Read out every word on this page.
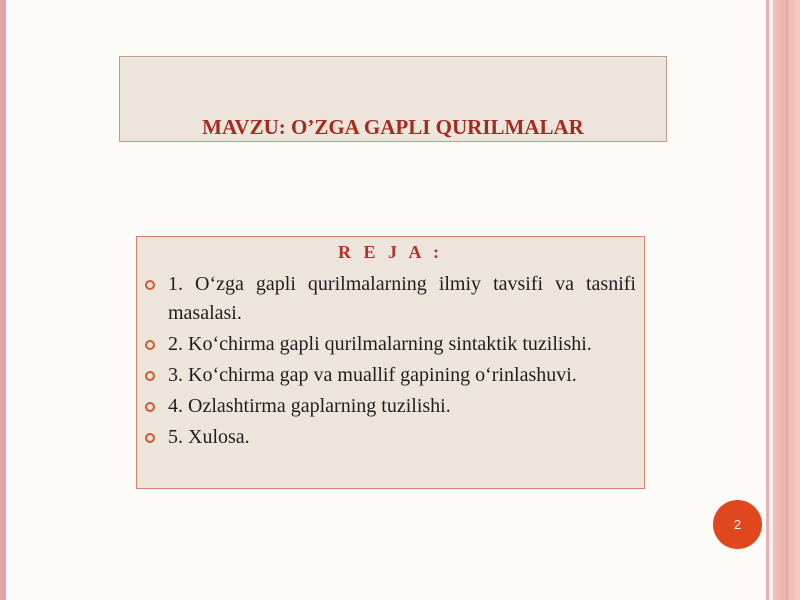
MAVZU: O’ZGA GAPLI QURILMALAR
R E J A :
1. O‘zga gapli qurilmalarning ilmiy tavsifi va tasnifi masalasi.
2. Ko‘chirma gapli qurilmalarning sintaktik tuzilishi.
3. Ko‘chirma gap va muallif gapining o‘rinlashuvi.
4. Ozlashtirma gaplarning tuzilishi.
5. Xulosa.
2
